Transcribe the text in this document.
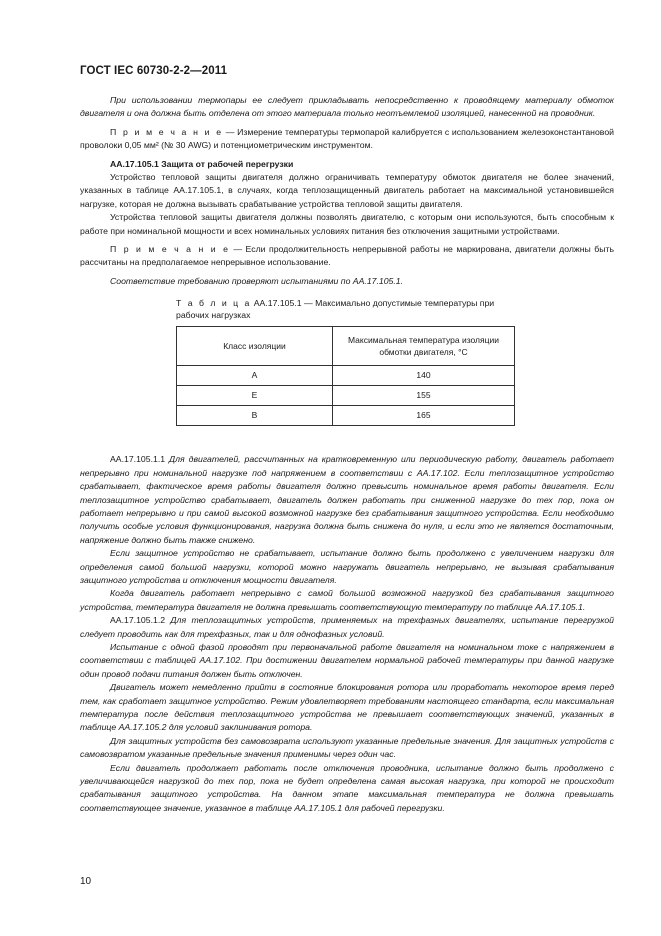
ГОСТ IEC 60730-2-2—2011

При использовании термопары ее следует прикладывать непосредственно к проводящему материалу обмоток двигателя и она должна быть отделена от этого материала только неотъемлемой изоляцией, нанесенной на проводник.

П р и м е ч а н и е — Измерение температуры термопарой калибруется с использованием железоконстантановой проволоки 0,05 мм² (№ 30 AWG) и потенциометрическим инструментом.

АА.17.105.1 Защита от рабочей перегрузки

Устройство тепловой защиты двигателя должно ограничивать температуру обмоток двигателя не более значений, указанных в таблице АА.17.105.1, в случаях, когда теплозащищенный двигатель работает на максимальной установившейся нагрузке, которая не должна вызывать срабатывание устройства тепловой защиты двигателя.

Устройства тепловой защиты двигателя должны позволять двигателю, с которым они используются, быть способным к работе при номинальной мощности и всех номинальных условиях питания без отключения защитными устройствами.

П р и м е ч а н и е — Если продолжительность непрерывной работы не маркирована, двигатели должны быть рассчитаны на предполагаемое непрерывное использование.

Соответствие требованию проверяют испытаниями по АА.17.105.1.

Т а б л и ц а АА.17.105.1 — Максимально допустимые температуры при рабочих нагрузках
Класс изоляции	Максимальная температура изоляции обмотки двигателя, °С
A	140
E	155
B	165

АА.17.105.1.1 Для двигателей, рассчитанных на кратковременную или периодическую работу, двигатель работает непрерывно при номинальной нагрузке под напряжением в соответствии с АА.17.102. Если теплозащитное устройство срабатывает, фактическое время работы двигателя должно превысить номинальное время работы двигателя. Если теплозащитное устройство срабатывает, двигатель должен работать при сниженной нагрузке до тех пор, пока он работает непрерывно и при самой высокой возможной нагрузке без срабатывания защитного устройства. Если необходимо получить особые условия функционирования, нагрузка должна быть снижена до нуля, и если это не является достаточным, напряжение должно быть также снижено.

Если защитное устройство не срабатывает, испытание должно быть продолжено с увеличением нагрузки для определения самой большой нагрузки, которой можно нагружать двигатель непрерывно, не вызывая срабатывания защитного устройства и отключения мощности двигателя.

Когда двигатель работает непрерывно с самой большой возможной нагрузкой без срабатывания защитного устройства, температура двигателя не должна превышать соответствующую температуру по таблице АА.17.105.1.

АА.17.105.1.2 Для теплозащитных устройств, применяемых на трехфазных двигателях, испытание перегрузкой следует проводить как для трехфазных, так и для однофазных условий.

Испытание с одной фазой проводят при первоначальной работе двигателя на номинальном токе с напряжением в соответствии с таблицей АА.17.102. При достижении двигателем нормальной рабочей температуры при данной нагрузке один провод подачи питания должен быть отключен.

Двигатель может немедленно прийти в состояние блокирования ротора или проработать некоторое время перед тем, как сработает защитное устройство. Режим удовлетворяет требованиям настоящего стандарта, если максимальная температура после действия теплозащитного устройства не превышает соответствующих значений, указанных в таблице АА.17.105.2 для условий заклинивания ротора.

Для защитных устройств без самовозврата используют указанные предельные значения. Для защитных устройств с самовозвратом указанные предельные значения применимы через один час.

Если двигатель продолжает работать после отключения проводника, испытание должно быть продолжено с увеличивающейся нагрузкой до тех пор, пока не будет определена самая высокая нагрузка, при которой не происходит срабатывания защитного устройства. На данном этапе максимальная температура не должна превышать соответствующее значение, указанное в таблице АА.17.105.1 для рабочей перегрузки.

10
